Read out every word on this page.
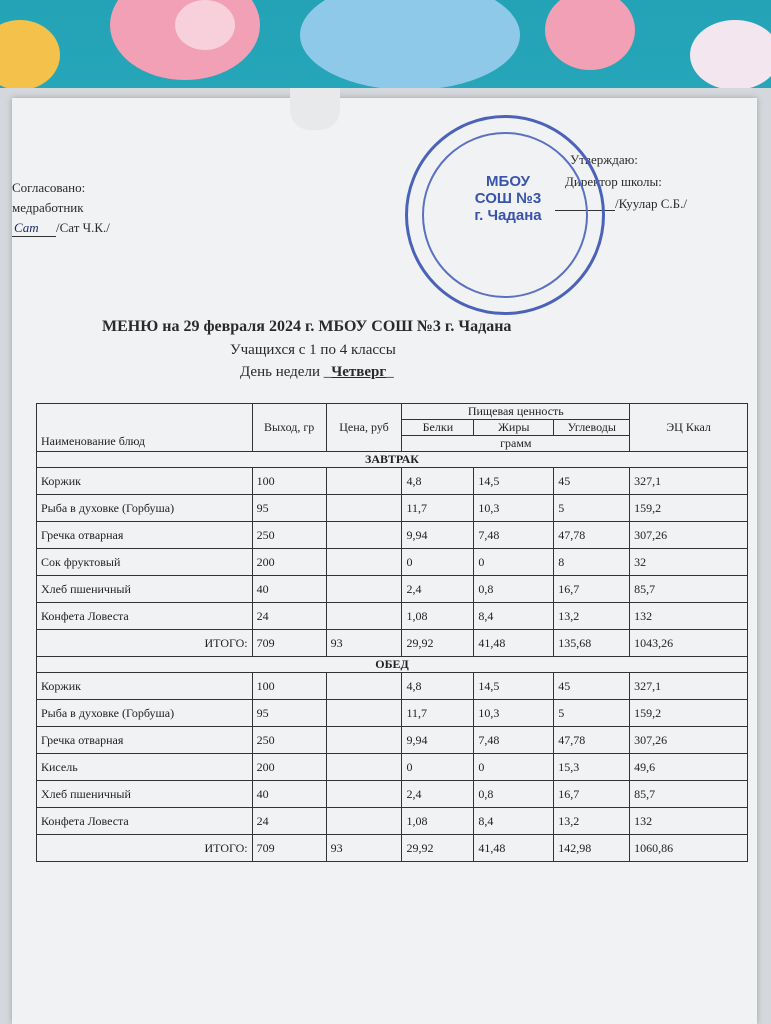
Согласовано:
медработник
Сат /Сат Ч.К./
Утверждаю:
Директор школы:
/Куулар С.Б./
МБОУ
СОШ №3
г. Чадана
МЕНЮ на 29 февраля 2024 г. МБОУ СОШ №3 г. Чадана
Учащихся с 1 по 4 классы
День недели _Четверг_
Наименование блюд	Выход, гр	Цена, руб	Пищевая ценность			ЭЦ Ккал
			Белки	Жиры	Углеводы	
			грамм			
ЗАВТРАК						
Коржик	100		4,8	14,5	45	327,1
Рыба в духовке (Горбуша)	95		11,7	10,3	5	159,2
Гречка отварная	250		9,94	7,48	47,78	307,26
Сок фруктовый	200		0	0	8	32
Хлеб пшеничный	40		2,4	0,8	16,7	85,7
Конфета Ловеста	24		1,08	8,4	13,2	132
ИТОГО:	709	93	29,92	41,48	135,68	1043,26
ОБЕД						
Коржик	100		4,8	14,5	45	327,1
Рыба в духовке (Горбуша)	95		11,7	10,3	5	159,2
Гречка отварная	250		9,94	7,48	47,78	307,26
Кисель	200		0	0	15,3	49,6
Хлеб пшеничный	40		2,4	0,8	16,7	85,7
Конфета Ловеста	24		1,08	8,4	13,2	132
ИТОГО:	709	93	29,92	41,48	142,98	1060,86
